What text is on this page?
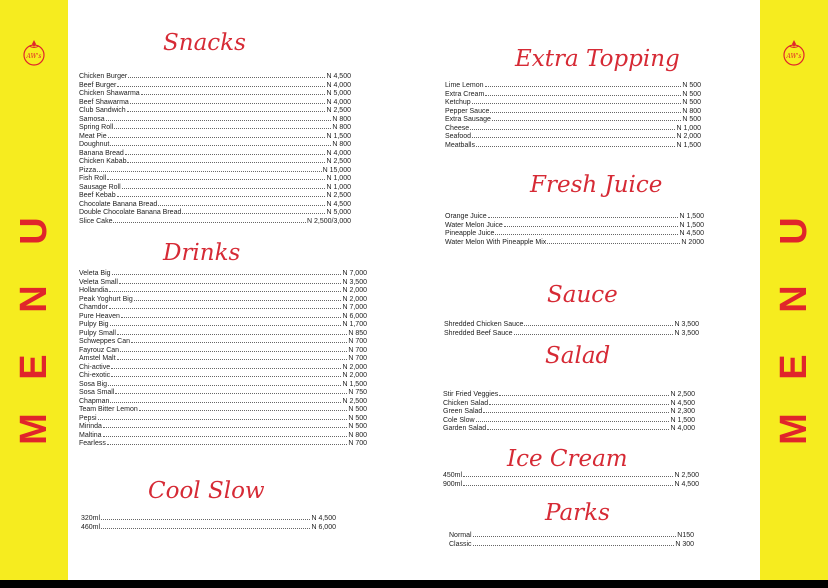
AW's
U
N
E
M
AW's
U
N
E
M
Snacks
Drinks
Cool Slow
Extra Topping
Fresh Juice
Sauce
Salad
Ice Cream
Parks
Chicken Burger	N 4,500
Beef Burger	N 4,000
Chicken Shawarma	N 5,000
Beef Shawarma	N 4,000
Club Sandwich	N 2,500
Samosa	N 800
Spring Roll	N 800
Meat Pie	N 1,500
Doughnut	N 800
Banana Bread	N 4,000
Chicken Kabab	N 2,500
Pizza	N 15,000
Fish Roll	N 1,000
Sausage Roll	N 1,000
Beef Kebab	N 2,500
Chocolate Banana Bread	N 4,500
Double Chocolate Banana Bread	N 5,000
Slice Cake	N 2,500/3,000
Veleta Big	N 7,000
Veleta Small	N 3,500
Hollandia	N 2,000
Peak Yoghurt Big	N 2,000
Chamdor	N 7,000
Pure Heaven	N 6,000
Pulpy Big	N 1,700
Pulpy Small	N 850
Schweppes Can	N 700
Fayrouz Can	N 700
Amstel Malt	N 700
Chi-active	N 2,000
Chi-exotic	N 2,000
Sosa Big	N 1,500
Sosa Small	N 750
Chapman	N 2,500
Team Bitter Lemon	N 500
Pepsi	N 500
Mirinda	N 500
Maltina	N 800
Fearless	N 700
320ml	N 4,500
460ml	N 6,000
Lime Lemon	N 500
Extra Cream	N 500
Ketchup	N 500
Pepper Sauce	N 800
Extra Sausage	N 500
Cheese	N 1,000
Seafood	N 2,000
Meatballs	N 1,500
Orange Juice	N 1,500
Water Melon Juice	N 1,500
Pineapple Juice	N 4,500
Water Melon With Pineapple Mix	N 2000
Shredded Chicken Sauce	N 3,500
Shredded Beef Sauce	N 3,500
Stir Fried Veggies	N 2,500
Chicken Salad	N 4,500
Green Salad	N 2,300
Cole Slow	N 1,500
Garden Salad	N 4,000
450ml	N 2,500
900ml	N 4,500
Normal	N150
Classic	N 300
